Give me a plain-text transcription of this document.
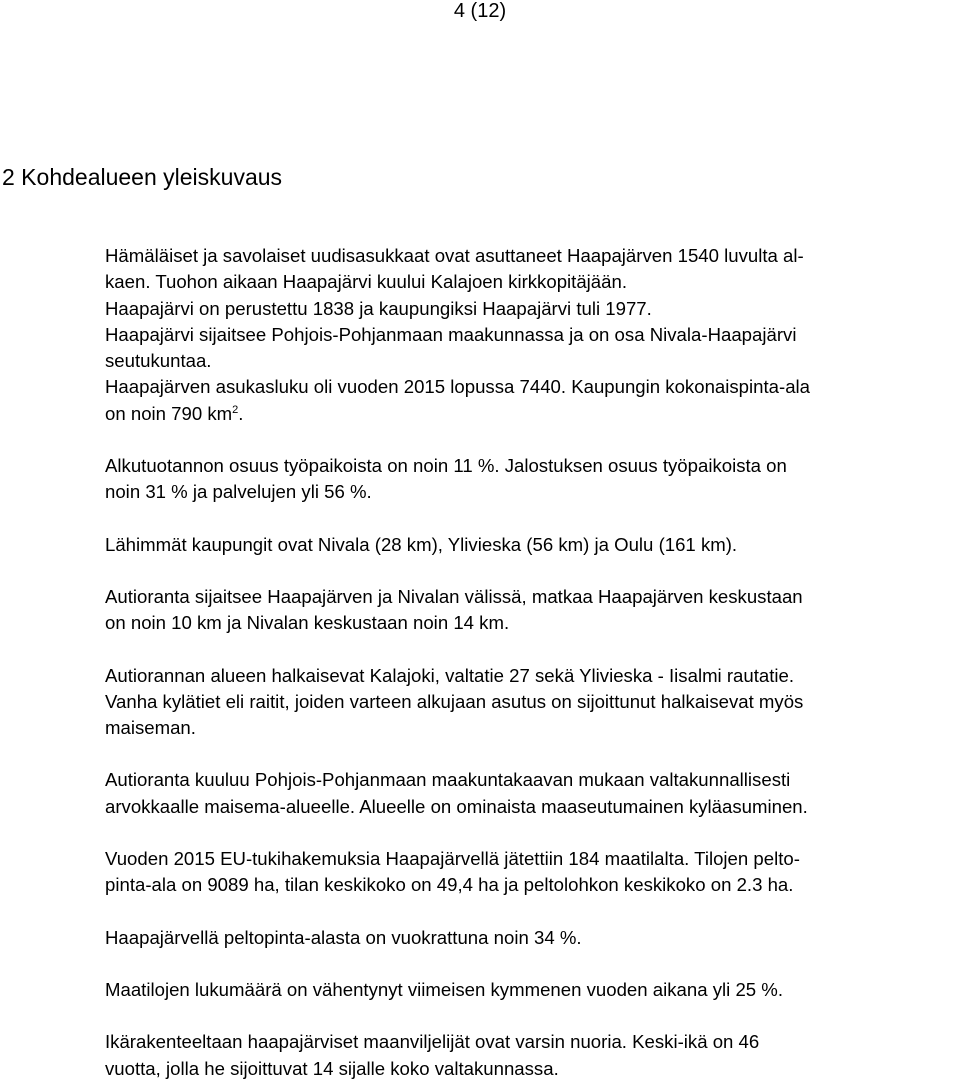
4 (12)
2 Kohdealueen yleiskuvaus

Hämäläiset ja savolaiset uudisasukkaat ovat asuttaneet Haapajärven 1540 luvulta al-
kaen. Tuohon aikaan Haapajärvi kuului Kalajoen kirkkopitäjään.
Haapajärvi on perustettu 1838 ja kaupungiksi Haapajärvi tuli 1977.
Haapajärvi sijaitsee Pohjois-Pohjanmaan maakunnassa ja on osa Nivala-Haapajärvi
seutukuntaa.
Haapajärven asukasluku oli vuoden 2015 lopussa 7440. Kaupungin kokonaispinta-ala
on noin 790 $km^2$.

Alkutuotannon osuus työpaikoista on noin 11 %. Jalostuksen osuus työpaikoista on
noin 31 % ja palvelujen yli 56 %.

Lähimmät kaupungit ovat Nivala (28 km), Ylivieska (56 km) ja Oulu (161 km).

Autioranta sijaitsee Haapajärven ja Nivalan välissä, matkaa Haapajärven keskustaan
on noin 10 km ja Nivalan keskustaan noin 14 km.

Autiorannan alueen halkaisevat Kalajoki, valtatie 27 sekä Ylivieska - Iisalmi rautatie.
Vanha kylätiet eli raitit, joiden varteen alkujaan asutus on sijoittunut halkaisevat myös
maiseman.

Autioranta kuuluu Pohjois-Pohjanmaan maakuntakaavan mukaan valtakunnallisesti
arvokkaalle maisema-alueelle. Alueelle on ominaista maaseutumainen kyläasuminen.

Vuoden 2015 EU-tukihakemuksia Haapajärvellä jätettiin 184 maatilalta. Tilojen pelto-
pinta-ala on 9089 ha, tilan keskikoko on 49,4 ha ja peltolohkon keskikoko on 2.3 ha.

Haapajärvellä peltopinta-alasta on vuokrattuna noin 34 %.

Maatilojen lukumäärä on vähentynyt viimeisen kymmenen vuoden aikana yli 25 %.

Ikärakenteeltaan haapajärviset maanviljelijät ovat varsin nuoria. Keski-ikä on 46
vuotta, jolla he sijoittuvat 14 sijalle koko valtakunnassa.
